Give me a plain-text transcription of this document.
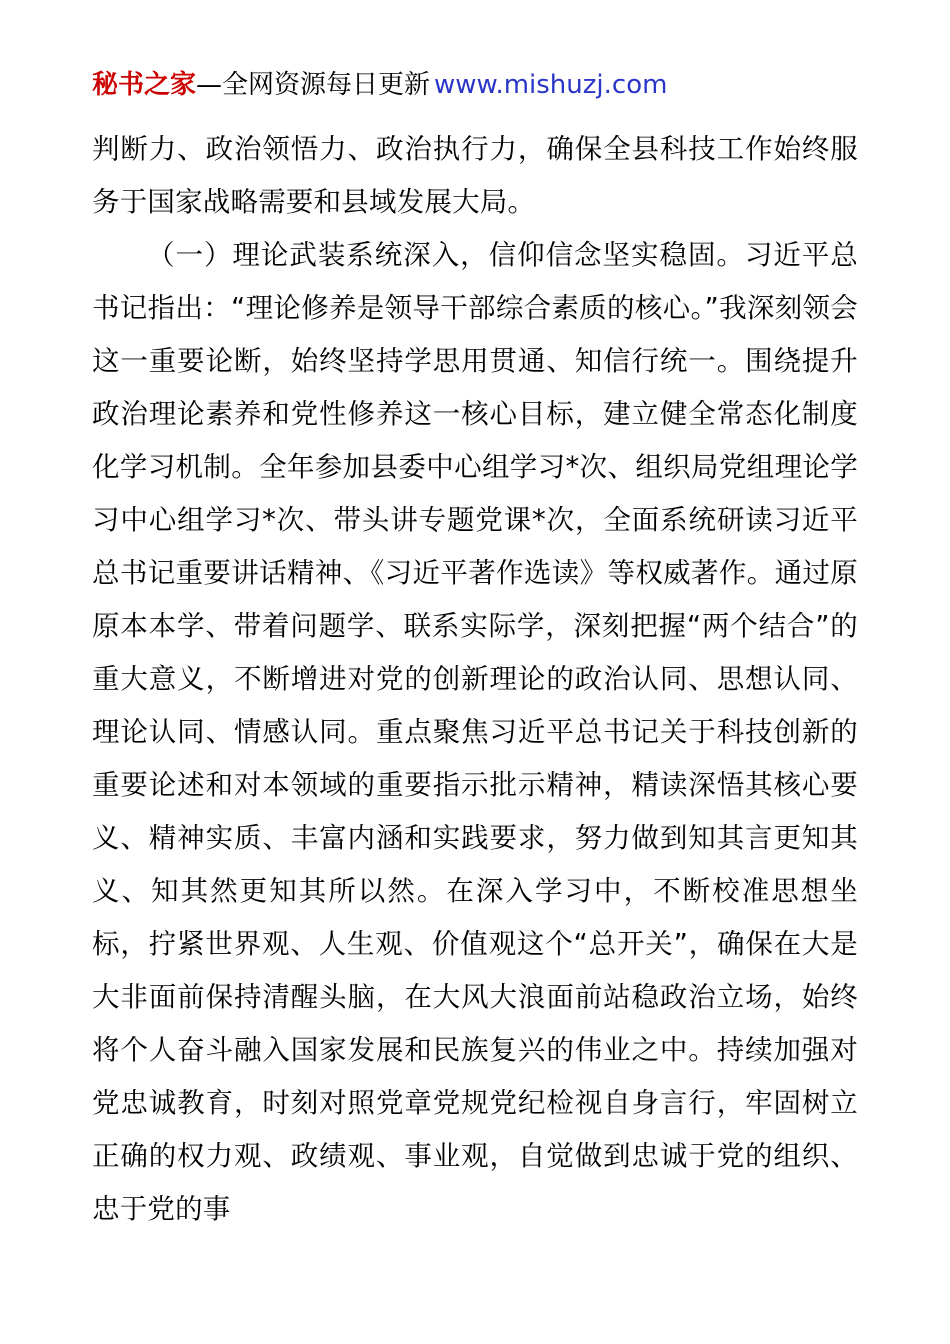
秘书之家—全网资源每日更新 www.mishuzj.com

判断力、政治领悟力、政治执行力，确保全县科技工作始终服务于国家战略需要和县域发展大局。

（一）理论武装系统深入，信仰信念坚实稳固。习近平总书记指出：“理论修养是领导干部综合素质的核心。”我深刻领会这一重要论断，始终坚持学思用贯通、知信行统一。围绕提升政治理论素养和党性修养这一核心目标，建立健全常态化制度化学习机制。全年参加县委中心组学习*次、组织局党组理论学习中心组学习*次、带头讲专题党课*次，全面系统研读习近平总书记重要讲话精神、《习近平著作选读》等权威著作。通过原原本本学、带着问题学、联系实际学，深刻把握“两个结合”的重大意义，不断增进对党的创新理论的政治认同、思想认同、理论认同、情感认同。重点聚焦习近平总书记关于科技创新的重要论述和对本领域的重要指示批示精神，精读深悟其核心要义、精神实质、丰富内涵和实践要求，努力做到知其言更知其义、知其然更知其所以然。在深入学习中，不断校准思想坐标，拧紧世界观、人生观、价值观这个“总开关”，确保在大是大非面前保持清醒头脑，在大风大浪面前站稳政治立场，始终将个人奋斗融入国家发展和民族复兴的伟业之中。持续加强对党忠诚教育，时刻对照党章党规党纪检视自身言行，牢固树立正确的权力观、政绩观、事业观，自觉做到忠诚于党的组织、忠于党的事
